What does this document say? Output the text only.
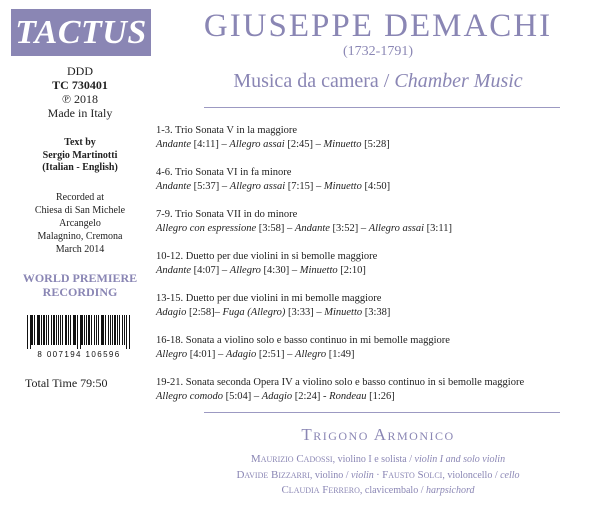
TACTUS
DDD
TC 730401
℗ 2018
Made in Italy
Text by
Sergio Martinotti
(Italian - English)
Recorded at
Chiesa di San Michele
Arcangelo
Malagnino, Cremona
March 2014
WORLD PREMIERE
RECORDING
8 007194 106596
Total Time 79:50
GIUSEPPE DEMACHI
(1732-1791)
Musica da camera / Chamber Music
1-3. Trio Sonata V in la maggiore
Andante [4:11] – Allegro assai [2:45] – Minuetto [5:28]
4-6. Trio Sonata VI in fa minore
Andante [5:37] – Allegro assai [7:15] – Minuetto [4:50]
7-9. Trio Sonata VII in do minore
Allegro con espressione [3:58] – Andante [3:52] – Allegro assai [3:11]
10-12. Duetto per due violini in si bemolle maggiore
Andante [4:07] – Allegro [4:30] – Minuetto [2:10]
13-15. Duetto per due violini in mi bemolle maggiore
Adagio [2:58]– Fuga (Allegro) [3:33] – Minuetto [3:38]
16-18. Sonata a violino solo e basso continuo in mi bemolle maggiore
Allegro [4:01] – Adagio [2:51] – Allegro [1:49]
19-21. Sonata seconda Opera IV a violino solo e basso continuo in si bemolle maggiore
Allegro comodo [5:04] – Adagio [2:24] - Rondeau [1:26]
Trigono Armonico
Maurizio Cadossi, violino I e solista / violin I and solo violin
Davide Bizzarri, violino / violin · Fausto Solci, violoncello / cello
Claudia Ferrero, clavicembalo / harpsichord
